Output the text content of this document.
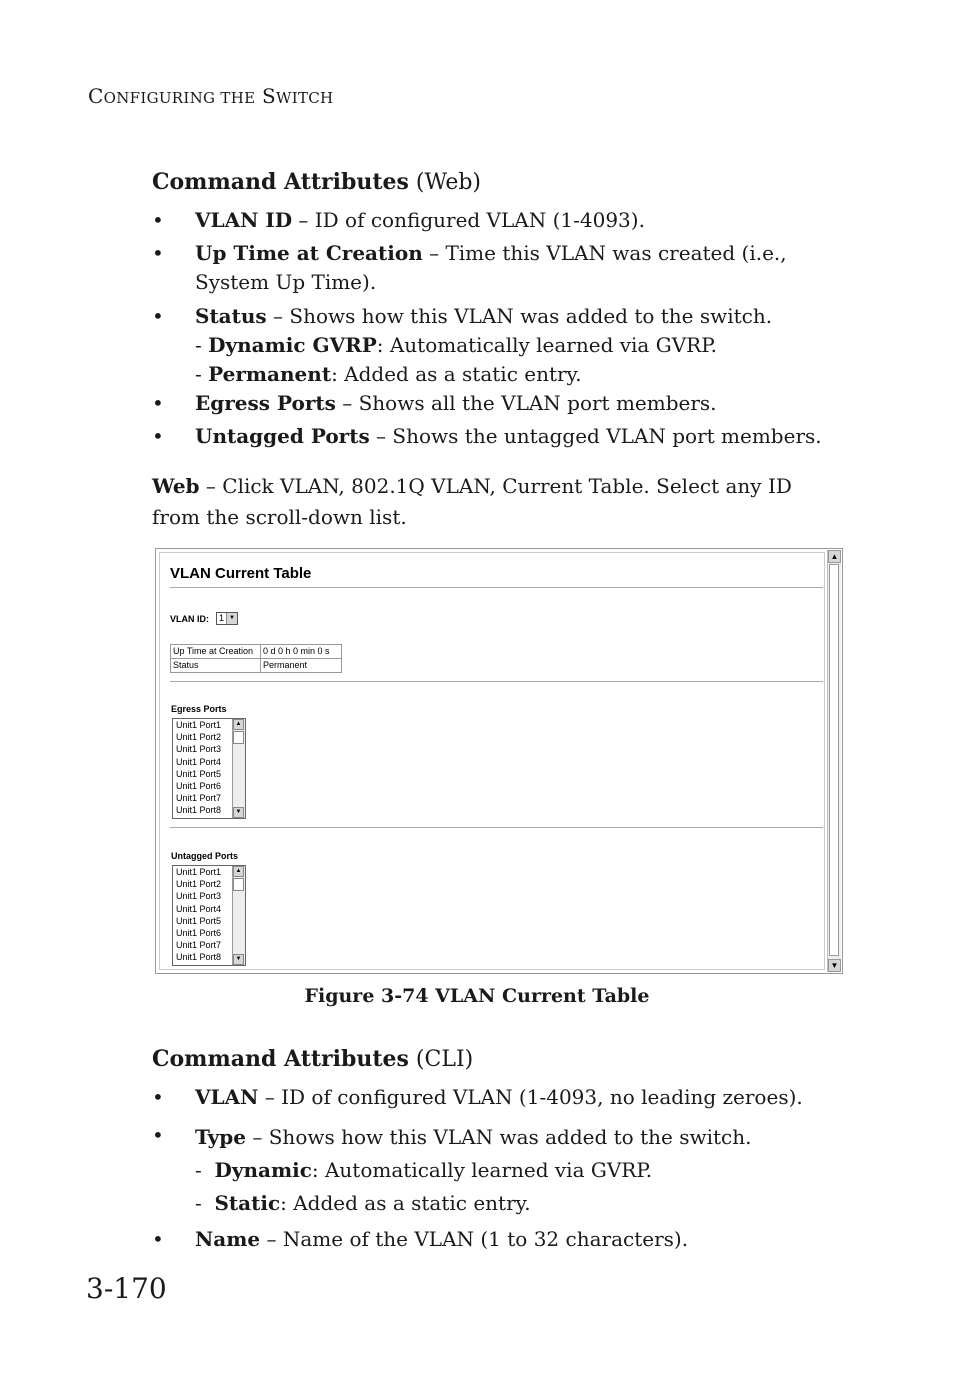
CONFIGURING THE SWITCH
Command Attributes (Web)
• VLAN ID – ID of configured VLAN (1-4093).
• Up Time at Creation – Time this VLAN was created (i.e., System Up Time).
• Status – Shows how this VLAN was added to the switch.
- Dynamic GVRP: Automatically learned via GVRP.
- Permanent: Added as a static entry.
• Egress Ports – Shows all the VLAN port members.
• Untagged Ports – Shows the untagged VLAN port members.
Web – Click VLAN, 802.1Q VLAN, Current Table. Select any ID from the scroll-down list.
VLAN Current Table
VLAN ID: 1 ▼
Up Time at Creation	0 d 0 h 0 min 0 s
Status	Permanent
Egress Ports
Unit1 Port1
Unit1 Port2
Unit1 Port3
Unit1 Port4
Unit1 Port5
Unit1 Port6
Unit1 Port7
Unit1 Port8
▲
▼
Untagged Ports
Unit1 Port1
Unit1 Port2
Unit1 Port3
Unit1 Port4
Unit1 Port5
Unit1 Port6
Unit1 Port7
Unit1 Port8
▲
▼
▲
▼
Figure 3-74 VLAN Current Table
Command Attributes (CLI)
• VLAN – ID of configured VLAN (1-4093, no leading zeroes).
• Type – Shows how this VLAN was added to the switch.
-  Dynamic: Automatically learned via GVRP.
-  Static: Added as a static entry.
• Name – Name of the VLAN (1 to 32 characters).
3-170
